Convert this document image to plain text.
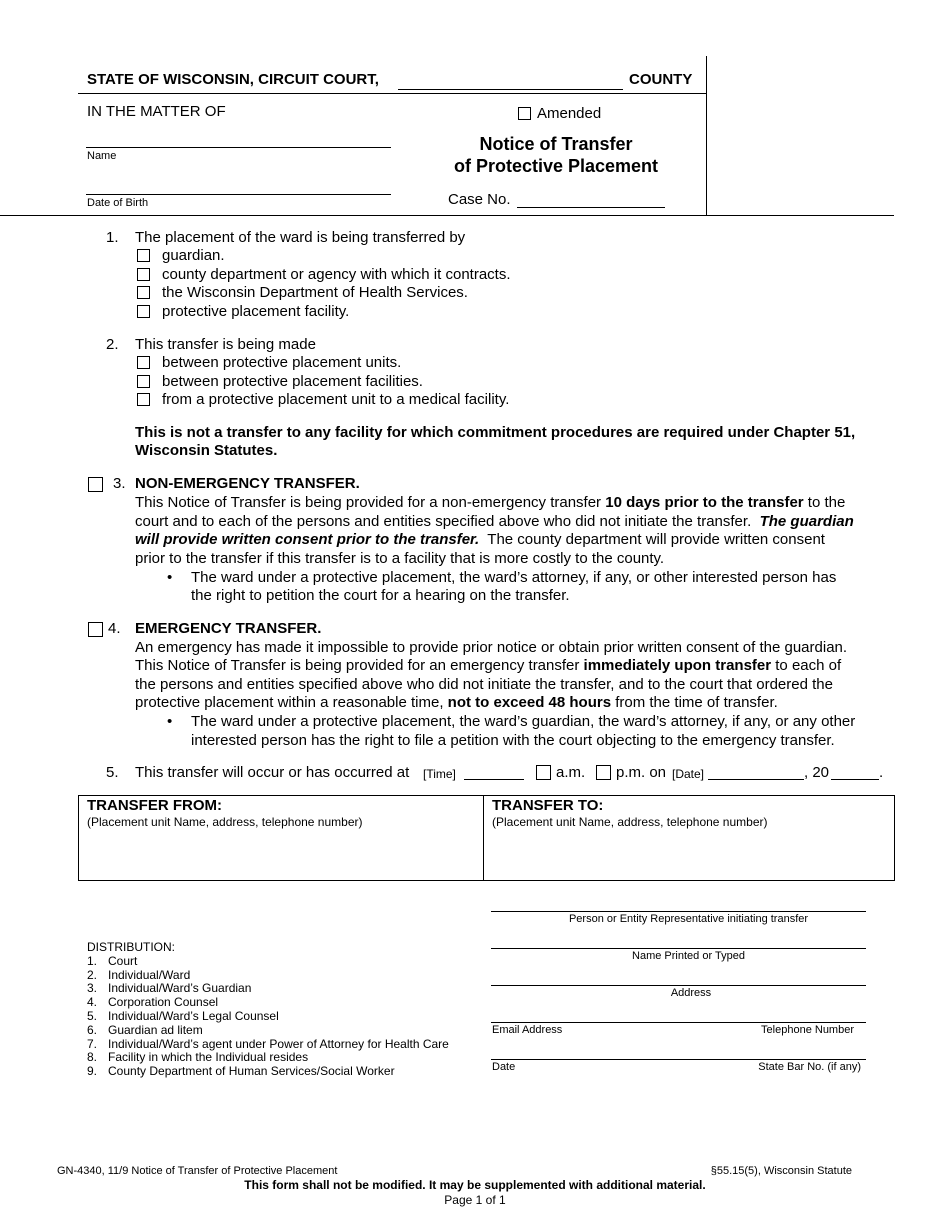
STATE OF WISCONSIN, CIRCUIT COURT,	COUNTY
IN THE MATTER OF
Name
Date of Birth
Amended
Notice of Transfer
of Protective Placement
Case No.
1. The placement of the ward is being transferred by
guardian.
county department or agency with which it contracts.
the Wisconsin Department of Health Services.
protective placement facility.
2. This transfer is being made
between protective placement units.
between protective placement facilities.
from a protective placement unit to a medical facility.
This is not a transfer to any facility for which commitment procedures are required under Chapter 51,
Wisconsin Statutes.
3. NON-EMERGENCY TRANSFER.
This Notice of Transfer is being provided for a non-emergency transfer 10 days prior to the transfer to the
court and to each of the persons and entities specified above who did not initiate the transfer.  The guardian
will provide written consent prior to the transfer.  The county department will provide written consent
prior to the transfer if this transfer is to a facility that is more costly to the county.
• The ward under a protective placement, the ward’s attorney, if any, or other interested person has
the right to petition the court for a hearing on the transfer.
4. EMERGENCY TRANSFER.
An emergency has made it impossible to provide prior notice or obtain prior written consent of the guardian.
This Notice of Transfer is being provided for an emergency transfer immediately upon transfer to each of
the persons and entities specified above who did not initiate the transfer, and to the court that ordered the
protective placement within a reasonable time, not to exceed 48 hours from the time of transfer.
• The ward under a protective placement, the ward’s guardian, the ward’s attorney, if any, or any other
interested person has the right to file a petition with the court objecting to the emergency transfer.
5. This transfer will occur or has occurred at [Time]	a.m. p.m. on [Date]	, 20	.
TRANSFER FROM:
(Placement unit Name, address, telephone number)
TRANSFER TO:
(Placement unit Name, address, telephone number)
DISTRIBUTION:
1. Court
2. Individual/Ward
3. Individual/Ward’s Guardian
4. Corporation Counsel
5. Individual/Ward’s Legal Counsel
6. Guardian ad litem
7. Individual/Ward’s agent under Power of Attorney for Health Care
8. Facility in which the Individual resides
9. County Department of Human Services/Social Worker
Person or Entity Representative initiating transfer
Name Printed or Typed
Address
Email Address	Telephone Number
Date	State Bar No. (if any)
GN-4340, 11/9 Notice of Transfer of Protective Placement	§55.15(5), Wisconsin Statute
This form shall not be modified. It may be supplemented with additional material.
Page 1 of 1
